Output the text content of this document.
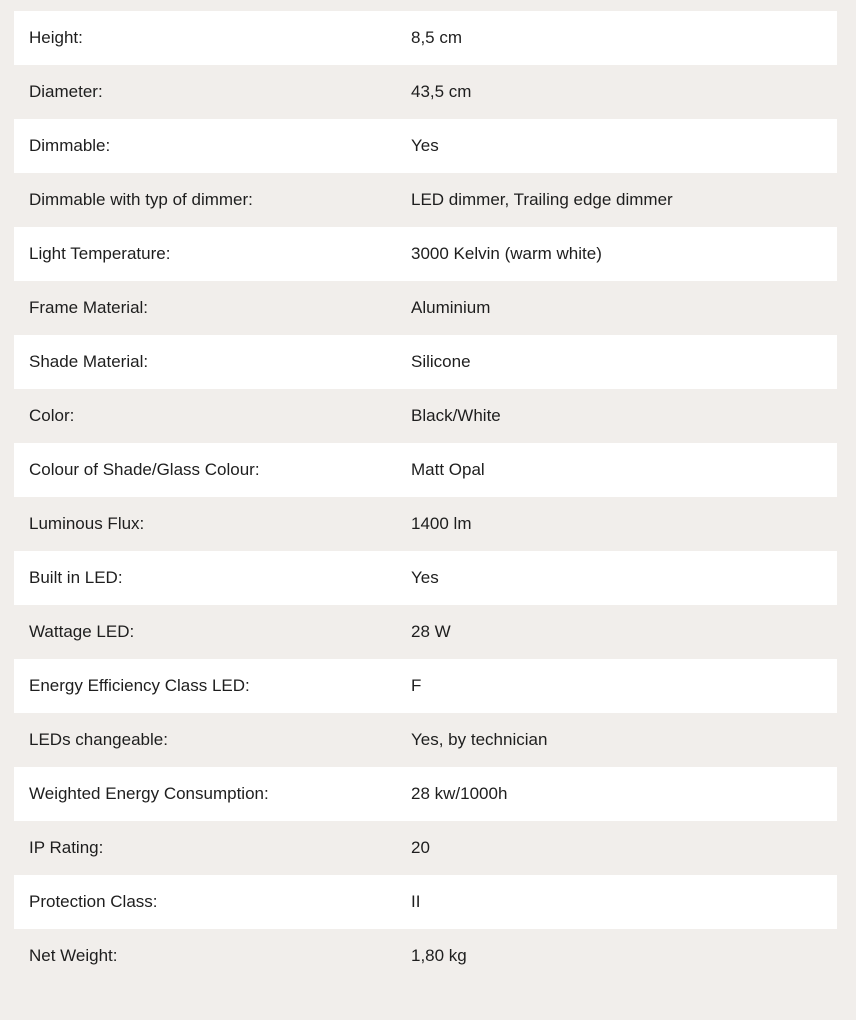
Height:	8,5 cm
Diameter:	43,5 cm
Dimmable:	Yes
Dimmable with typ of dimmer:	LED dimmer, Trailing edge dimmer
Light Temperature:	3000 Kelvin (warm white)
Frame Material:	Aluminium
Shade Material:	Silicone
Color:	Black/White
Colour of Shade/Glass Colour:	Matt Opal
Luminous Flux:	1400 lm
Built in LED:	Yes
Wattage LED:	28 W
Energy Efficiency Class LED:	F
LEDs changeable:	Yes, by technician
Weighted Energy Consumption:	28 kw/1000h
IP Rating:	20
Protection Class:	II
Net Weight:	1,80 kg
